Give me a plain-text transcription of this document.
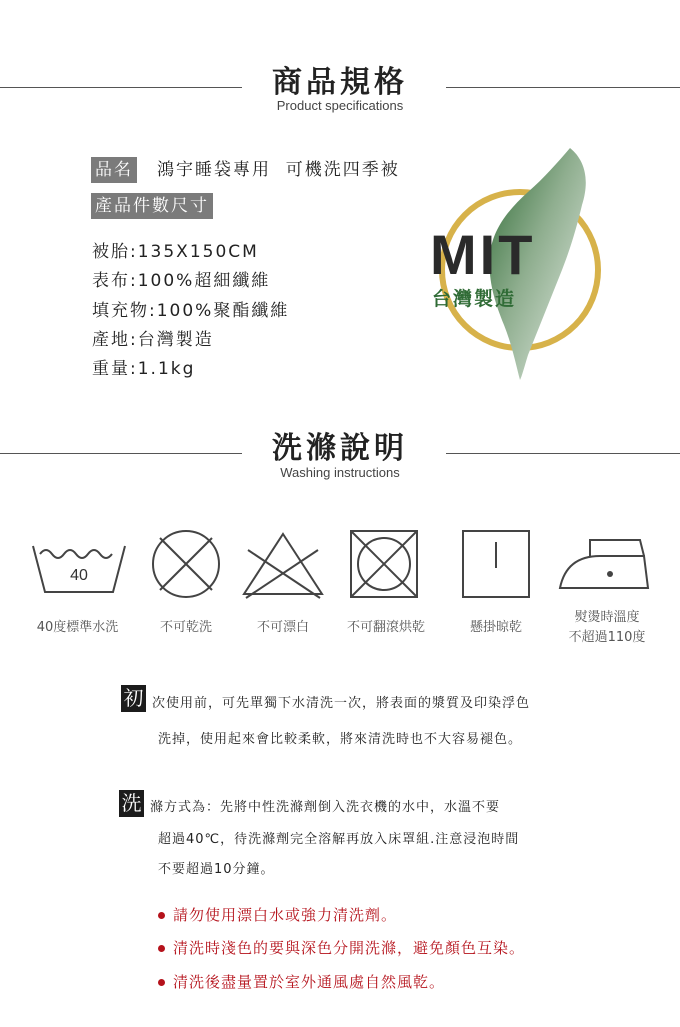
商品規格
Product specifications
品名 鴻宇睡袋專用  可機洗四季被
產品件數尺寸
被胎:135X150CM
表布:100%超細纖維
填充物:100%聚酯纖維
產地:台灣製造
重量:1.1kg
MIT
台灣製造
洗滌說明
Washing instructions
40
40度標準水洗	不可乾洗	不可漂白	不可翻滾烘乾	懸掛晾乾
熨燙時溫度
不超過110度
初 次使用前，可先單獨下水清洗一次，將表面的漿質及印染浮色
洗掉，使用起來會比較柔軟，將來清洗時也不大容易褪色。
洗 滌方式為：先將中性洗滌劑倒入洗衣機的水中，水溫不要
超過40℃，待洗滌劑完全溶解再放入床罩組.注意浸泡時間
不要超過10分鐘。
請勿使用漂白水或強力清洗劑。
清洗時淺色的要與深色分開洗滌，避免顏色互染。
清洗後盡量置於室外通風處自然風乾。
